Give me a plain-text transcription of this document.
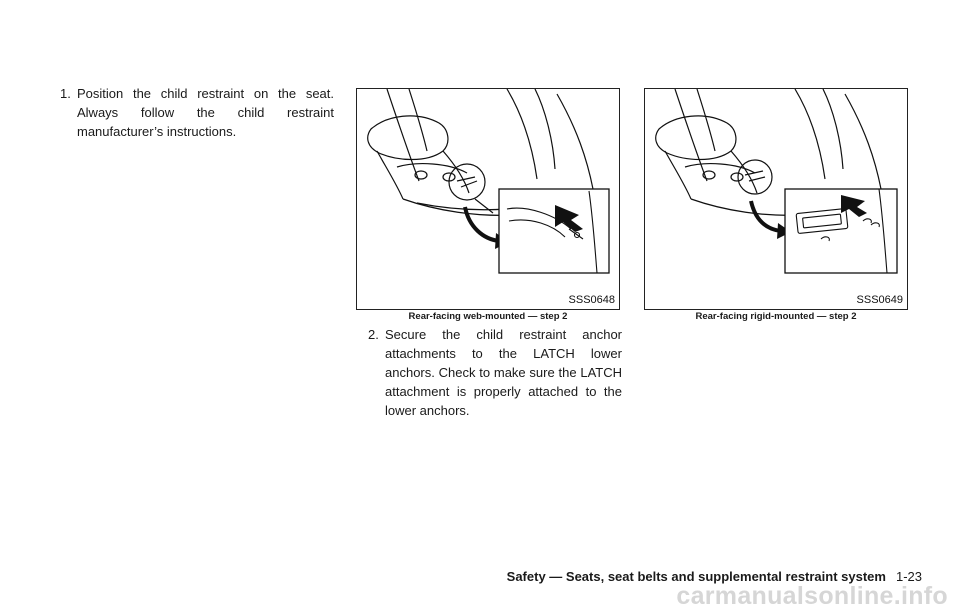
1. Position the child restraint on the seat. Always follow the child restraint manufacturer’s instructions.
SSS0648
Rear-facing web-mounted — step 2
SSS0649
Rear-facing rigid-mounted — step 2
2. Secure the child restraint anchor attachments to the LATCH lower anchors. Check to make sure the LATCH attachment is properly attached to the lower anchors.
Safety — Seats, seat belts and supplemental restraint system 1-23
carmanualsonline.info
